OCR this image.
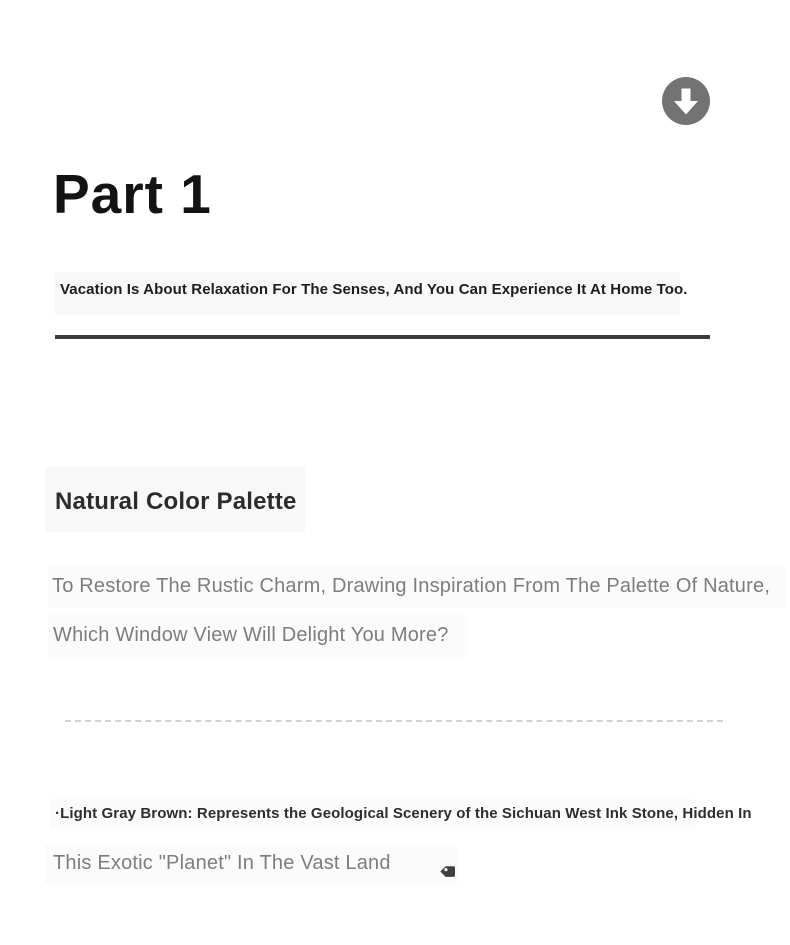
Part 1
Vacation Is About Relaxation For The Senses, And You Can Experience It At Home Too.
Natural Color Palette

To Restore The Rustic Charm, Drawing Inspiration From The Palette Of Nature,

Which Window View Will Delight You More?

·Light Gray Brown: Represents the Geological Scenery of the Sichuan West Ink Stone, Hidden In

This Exotic "Planet" In The Vast Land
